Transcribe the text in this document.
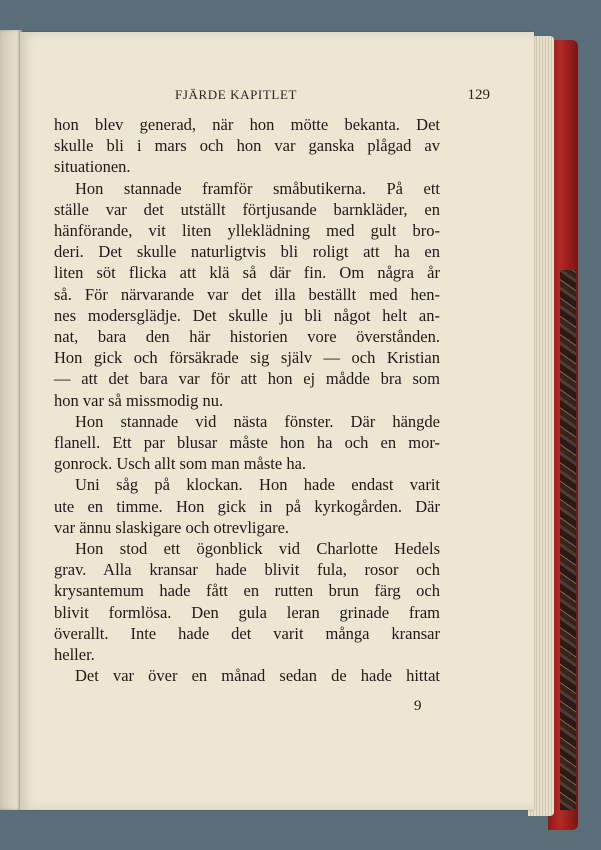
FJÄRDE KAPITLET	129
hon blev generad, när hon mötte bekanta. Det
skulle bli i mars och hon var ganska plågad av
situationen.
Hon stannade framför småbutikerna. På ett
ställe var det utställt förtjusande barnkläder, en
hänförande, vit liten ylleklädning med gult bro-
deri. Det skulle naturligtvis bli roligt att ha en
liten söt flicka att klä så där fin. Om några år
så. För närvarande var det illa beställt med hen-
nes modersglädje. Det skulle ju bli något helt an-
nat, bara den här historien vore överstånden.
Hon gick och försäkrade sig själv — och Kristian
— att det bara var för att hon ej mådde bra som
hon var så missmodig nu.
Hon stannade vid nästa fönster. Där hängde
flanell. Ett par blusar måste hon ha och en mor-
gonrock. Usch allt som man måste ha.
Uni såg på klockan. Hon hade endast varit
ute en timme. Hon gick in på kyrkogården. Där
var ännu slaskigare och otrevligare.
Hon stod ett ögonblick vid Charlotte Hedels
grav. Alla kransar hade blivit fula, rosor och
krysantemum hade fått en rutten brun färg och
blivit formlösa. Den gula leran grinade fram
överallt. Inte hade det varit många kransar
heller.
Det var över en månad sedan de hade hittat
9
